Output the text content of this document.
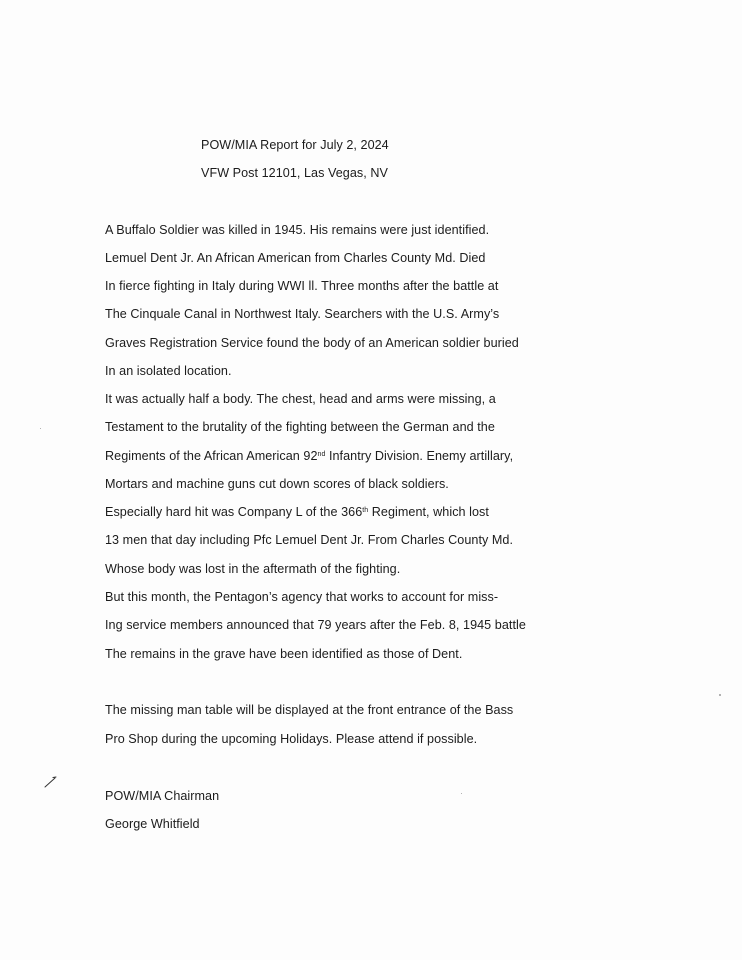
POW/MIA Report for July 2, 2024
VFW Post 12101, Las Vegas, NV
A Buffalo Soldier was killed in 1945. His remains were just identified.
Lemuel Dent Jr. An African American from Charles County Md. Died
In fierce fighting in Italy during WWI ll. Three months after the battle at
The Cinquale Canal in Northwest Italy. Searchers with the U.S. Army’s
Graves Registration Service found the body of an American soldier buried
In an isolated location.
It was actually half a body. The chest, head and arms were missing, a
Testament to the brutality of the fighting between the German and the
Regiments of the African American 92nd Infantry Division. Enemy artillary,
Mortars and machine guns cut down scores of black soldiers.
Especially hard hit was Company L of the 366th Regiment, which lost
13 men that day including Pfc Lemuel Dent Jr. From Charles County Md.
Whose body was lost in the aftermath of the fighting.
But this month, the Pentagon’s agency that works to account for miss-
Ing service members announced that 79 years after the Feb. 8, 1945 battle
The remains in the grave have been identified as those of Dent.
The missing man table will be displayed at the front entrance of the Bass
Pro Shop during the upcoming Holidays. Please attend if possible.
POW/MIA Chairman
George Whitfield
